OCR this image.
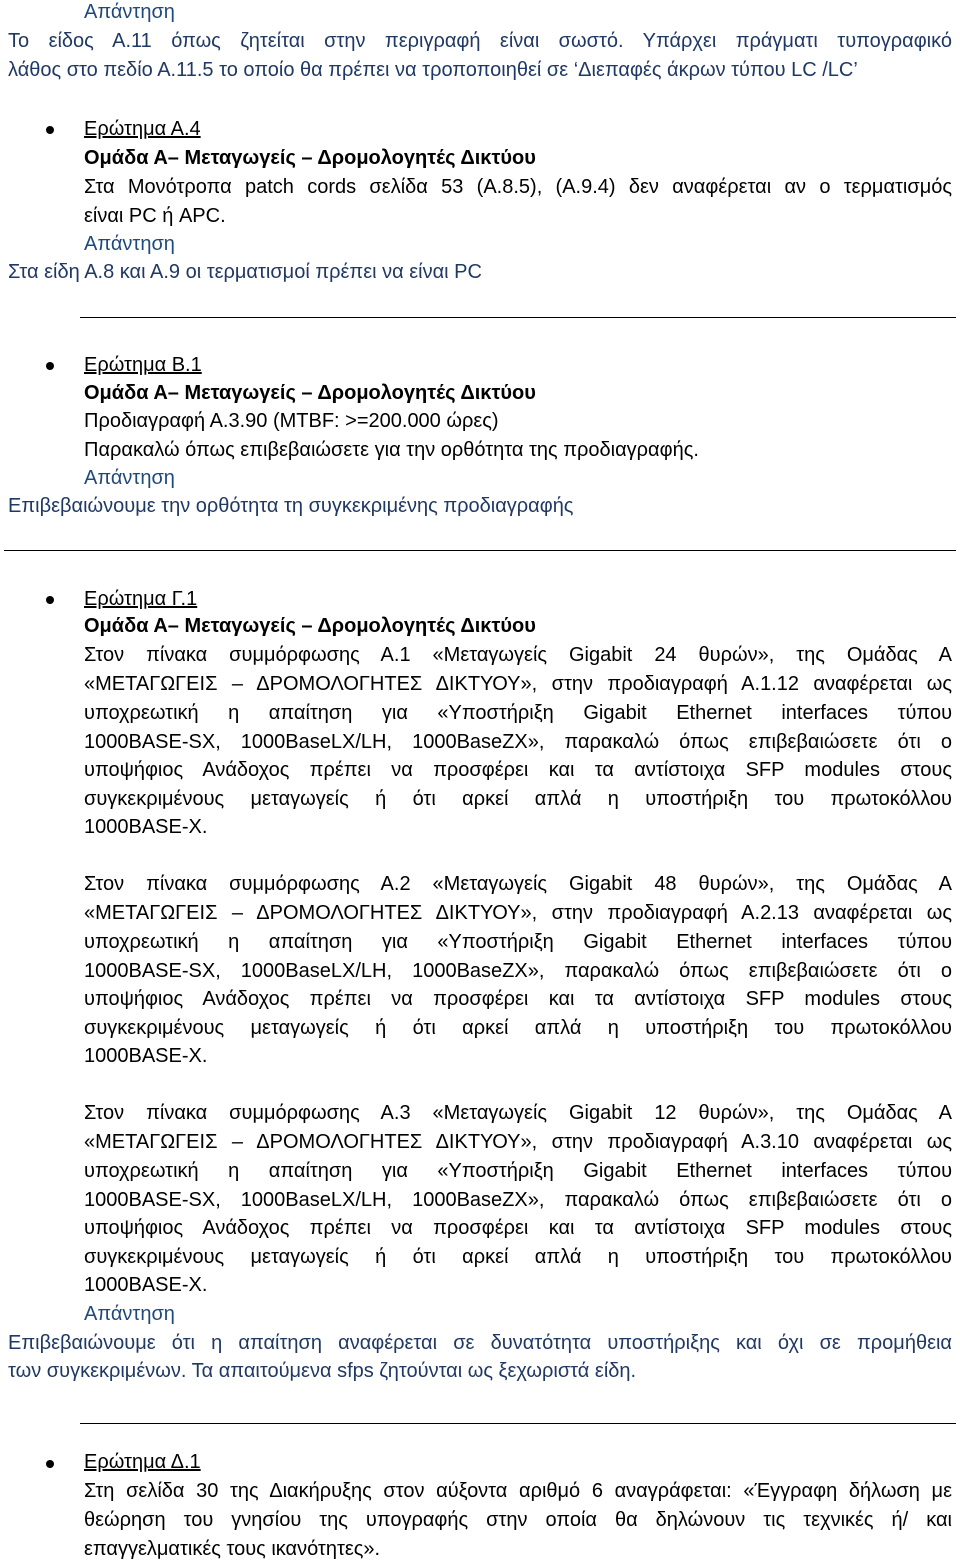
Απάντηση
Το είδος Α.11 όπως ζητείται στην περιγραφή είναι σωστό. Υπάρχει πράγματι τυπογραφικό
λάθος στο πεδίο Α.11.5 το οποίο θα πρέπει να τροποποιηθεί σε ‘Διεπαφές άκρων τύπου LC /LC’
Ερώτημα Α.4
Ομάδα Α– Μεταγωγείς – Δρομολογητές Δικτύου
Στα Μονότροπα patch cords σελίδα 53 (Α.8.5), (Α.9.4) δεν αναφέρεται αν ο τερματισμός
είναι PC ή APC.
Απάντηση
Στα είδη Α.8 και Α.9 οι τερματισμοί πρέπει να είναι PC
Ερώτημα Β.1
Ομάδα Α– Μεταγωγείς – Δρομολογητές Δικτύου
Προδιαγραφή Α.3.90 (MTBF: >=200.000 ώρες)
Παρακαλώ όπως επιβεβαιώσετε για την ορθότητα της προδιαγραφής.
Απάντηση
Επιβεβαιώνουμε την ορθότητα τη συγκεκριμένης προδιαγραφής
Ερώτημα Γ.1
Ομάδα Α– Μεταγωγείς – Δρομολογητές Δικτύου
Στον πίνακα συμμόρφωσης Α.1 «Μεταγωγείς Gigabit 24 θυρών», της Ομάδας Α
«ΜΕΤΑΓΩΓΕΙΣ – ΔΡΟΜΟΛΟΓΗΤΕΣ ΔΙΚΤΥΟΥ», στην προδιαγραφή Α.1.12 αναφέρεται ως
υποχρεωτική η απαίτηση για «Υποστήριξη Gigabit Ethernet interfaces τύπου
1000BASE-SX, 1000BaseLX/LH, 1000BaseZX», παρακαλώ όπως επιβεβαιώσετε ότι ο
υποψήφιος Ανάδοχος πρέπει να προσφέρει και τα αντίστοιχα SFP modules στους
συγκεκριμένους μεταγωγείς ή ότι αρκεί απλά η υποστήριξη του πρωτοκόλλου
1000BASE-X.
Στον πίνακα συμμόρφωσης Α.2 «Μεταγωγείς Gigabit 48 θυρών», της Ομάδας Α
«ΜΕΤΑΓΩΓΕΙΣ – ΔΡΟΜΟΛΟΓΗΤΕΣ ΔΙΚΤΥΟΥ», στην προδιαγραφή Α.2.13 αναφέρεται ως
υποχρεωτική η απαίτηση για «Υποστήριξη Gigabit Ethernet interfaces τύπου
1000BASE-SX, 1000BaseLX/LH, 1000BaseZX», παρακαλώ όπως επιβεβαιώσετε ότι ο
υποψήφιος Ανάδοχος πρέπει να προσφέρει και τα αντίστοιχα SFP modules στους
συγκεκριμένους μεταγωγείς ή ότι αρκεί απλά η υποστήριξη του πρωτοκόλλου
1000BASE-X.
Στον πίνακα συμμόρφωσης Α.3 «Μεταγωγείς Gigabit 12 θυρών», της Ομάδας Α
«ΜΕΤΑΓΩΓΕΙΣ – ΔΡΟΜΟΛΟΓΗΤΕΣ ΔΙΚΤΥΟΥ», στην προδιαγραφή Α.3.10 αναφέρεται ως
υποχρεωτική η απαίτηση για «Υποστήριξη Gigabit Ethernet interfaces τύπου
1000BASE-SX, 1000BaseLX/LH, 1000BaseZX», παρακαλώ όπως επιβεβαιώσετε ότι ο
υποψήφιος Ανάδοχος πρέπει να προσφέρει και τα αντίστοιχα SFP modules στους
συγκεκριμένους μεταγωγείς ή ότι αρκεί απλά η υποστήριξη του πρωτοκόλλου
1000BASE-X.
Απάντηση
Επιβεβαιώνουμε ότι η απαίτηση αναφέρεται σε δυνατότητα υποστήριξης και όχι σε προμήθεια
των συγκεκριμένων. Τα απαιτούμενα sfps ζητούνται ως ξεχωριστά είδη.
Ερώτημα Δ.1
Στη σελίδα 30 της Διακήρυξης στον αύξοντα αριθμό 6 αναγράφεται: «Έγγραφη δήλωση με
θεώρηση του γνησίου της υπογραφής στην οποία θα δηλώνουν τις τεχνικές ή/ και
επαγγελματικές τους ικανότητες».
